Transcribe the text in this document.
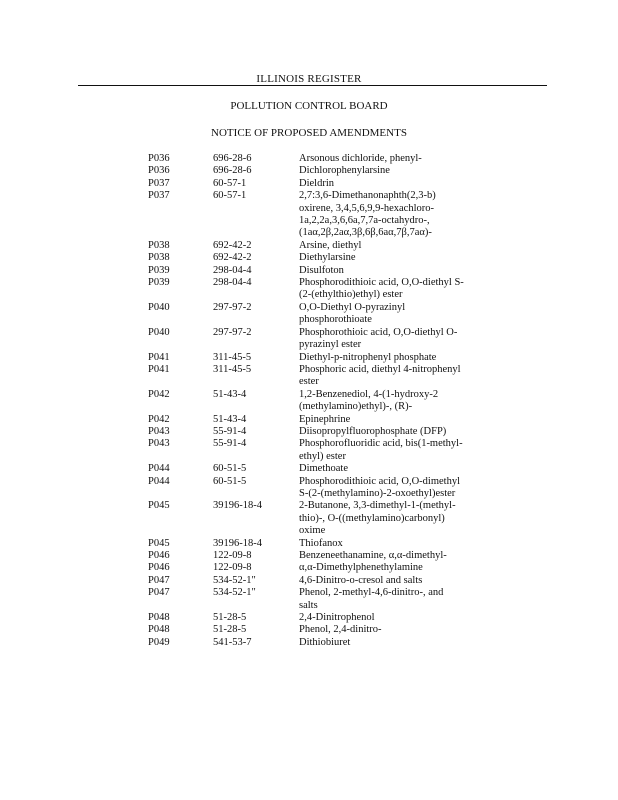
ILLINOIS REGISTER
POLLUTION CONTROL BOARD
NOTICE OF PROPOSED AMENDMENTS
P036	696-28-6	Arsonous dichloride, phenyl-
P036	696-28-6	Dichlorophenylarsine
P037	60-57-1	Dieldrin
P037	60-57-1	2,7:3,6-Dimethanonaphth(2,3-b)
oxirene, 3,4,5,6,9,9-hexachloro-
1a,2,2a,3,6,6a,7,7a-octahydro-,
(1aα,2β,2aα,3β,6β,6aα,7β,7aα)-
P038	692-42-2	Arsine, diethyl
P038	692-42-2	Diethylarsine
P039	298-04-4	Disulfoton
P039	298-04-4	Phosphorodithioic acid, O,O-diethyl S-
(2-(ethylthio)ethyl) ester
P040	297-97-2	O,O-Diethyl O-pyrazinyl
phosphorothioate
P040	297-97-2	Phosphorothioic acid, O,O-diethyl O-
pyrazinyl ester
P041	311-45-5	Diethyl-p-nitrophenyl phosphate
P041	311-45-5	Phosphoric acid, diethyl 4-nitrophenyl
ester
P042	51-43-4	1,2-Benzenediol, 4-(1-hydroxy-2
(methylamino)ethyl)-, (R)-
P042	51-43-4	Epinephrine
P043	55-91-4	Diisopropylfluorophosphate (DFP)
P043	55-91-4	Phosphorofluoridic acid, bis(1-methyl-
ethyl) ester
P044	60-51-5	Dimethoate
P044	60-51-5	Phosphorodithioic acid, O,O-dimethyl
S-(2-(methylamino)-2-oxoethyl)ester
P045	39196-18-4	2-Butanone, 3,3-dimethyl-1-(methyl-
thio)-, O-((methylamino)carbonyl)
oxime
P045	39196-18-4	Thiofanox
P046	122-09-8	Benzeneethanamine, α,α-dimethyl-
P046	122-09-8	α,α-Dimethylphenethylamine
P047	534-52-1"	4,6-Dinitro-o-cresol and salts
P047	534-52-1"	Phenol, 2-methyl-4,6-dinitro-, and
salts
P048	51-28-5	2,4-Dinitrophenol
P048	51-28-5	Phenol, 2,4-dinitro-
P049	541-53-7	Dithiobiuret
